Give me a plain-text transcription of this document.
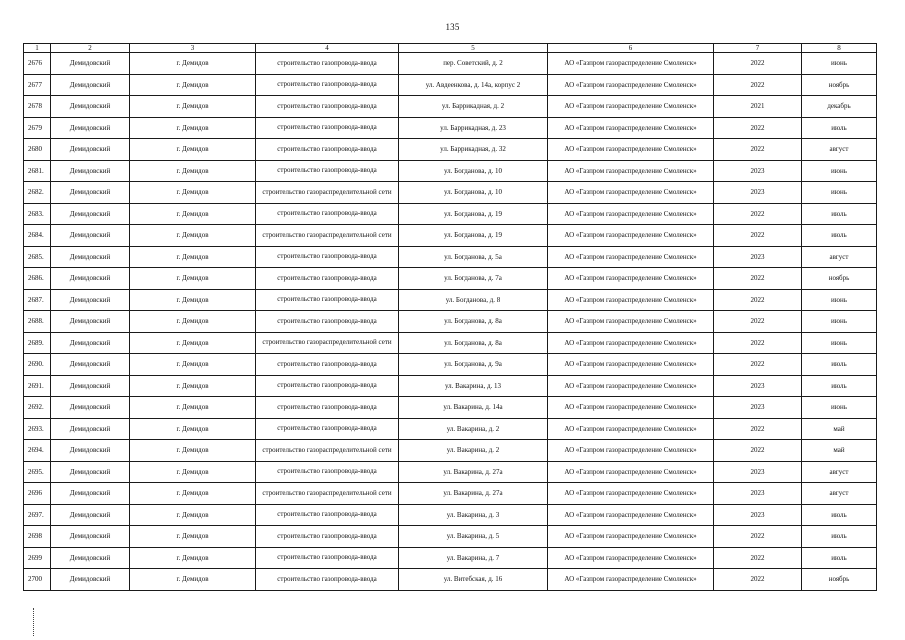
135
1	2	3	4	5	6	7	8
2676	Демидовский	г. Демидов	строительство газопровода-ввода	пер. Советский, д. 2	АО «Газпром газораспределение Смоленск»	2022	июнь
2677	Демидовский	г. Демидов	строительство газопровода-ввода	ул. Авдеенкова, д. 14а, корпус 2	АО «Газпром газораспределение Смоленск»	2022	ноябрь
2678	Демидовский	г. Демидов	строительство газопровода-ввода	ул. Баррикадная, д. 2	АО «Газпром газораспределение Смоленск»	2021	декабрь
2679	Демидовский	г. Демидов	строительство газопровода-ввода	ул. Баррикадная, д. 23	АО «Газпром газораспределение Смоленск»	2022	июль
2680	Демидовский	г. Демидов	строительство газопровода-ввода	ул. Баррикадная, д. 32	АО «Газпром газораспределение Смоленск»	2022	август
2681.	Демидовский	г. Демидов	строительство газопровода-ввода	ул. Богданова, д. 10	АО «Газпром газораспределение Смоленск»	2023	июнь
2682.	Демидовский	г. Демидов	строительство газораспределительной сети	ул. Богданова, д. 10	АО «Газпром газораспределение Смоленск»	2023	июнь
2683.	Демидовский	г. Демидов	строительство газопровода-ввода	ул. Богданова, д. 19	АО «Газпром газораспределение Смоленск»	2022	июль
2684.	Демидовский	г. Демидов	строительство газораспределительной сети	ул. Богданова, д. 19	АО «Газпром газораспределение Смоленск»	2022	июль
2685.	Демидовский	г. Демидов	строительство газопровода-ввода	ул. Богданова, д. 5а	АО «Газпром газораспределение Смоленск»	2023	август
2686.	Демидовский	г. Демидов	строительство газопровода-ввода	ул. Богданова, д. 7а	АО «Газпром газораспределение Смоленск»	2022	ноябрь
2687.	Демидовский	г. Демидов	строительство газопровода-ввода	ул. Богданова, д. 8	АО «Газпром газораспределение Смоленск»	2022	июнь
2688.	Демидовский	г. Демидов	строительство газопровода-ввода	ул. Богданова, д. 8а	АО «Газпром газораспределение Смоленск»	2022	июнь
2689.	Демидовский	г. Демидов	строительство газораспределительной сети	ул. Богданова, д. 8а	АО «Газпром газораспределение Смоленск»	2022	июнь
2690.	Демидовский	г. Демидов	строительство газопровода-ввода	ул. Богданова, д. 9а	АО «Газпром газораспределение Смоленск»	2022	июль
2691.	Демидовский	г. Демидов	строительство газопровода-ввода	ул. Вакарина, д. 13	АО «Газпром газораспределение Смоленск»	2023	июль
2692.	Демидовский	г. Демидов	строительство газопровода-ввода	ул. Вакарина, д. 14а	АО «Газпром газораспределение Смоленск»	2023	июнь
2693.	Демидовский	г. Демидов	строительство газопровода-ввода	ул. Вакарина, д. 2	АО «Газпром газораспределение Смоленск»	2022	май
2694.	Демидовский	г. Демидов	строительство газораспределительной сети	ул. Вакарина, д. 2	АО «Газпром газораспределение Смоленск»	2022	май
2695.	Демидовский	г. Демидов	строительство газопровода-ввода	ул. Вакарина, д. 27а	АО «Газпром газораспределение Смоленск»	2023	август
2696	Демидовский	г. Демидов	строительство газораспределительной сети	ул. Вакарина, д. 27а	АО «Газпром газораспределение Смоленск»	2023	август
2697.	Демидовский	г. Демидов	строительство газопровода-ввода	ул. Вакарина, д. 3	АО «Газпром газораспределение Смоленск»	2023	июль
2698	Демидовский	г. Демидов	строительство газопровода-ввода	ул. Вакарина, д. 5	АО «Газпром газораспределение Смоленск»	2022	июль
2699	Демидовский	г. Демидов	строительство газопровода-ввода	ул. Вакарина, д. 7	АО «Газпром газораспределение Смоленск»	2022	июль
2700	Демидовский	г. Демидов	строительство газопровода-ввода	ул. Витебская, д. 16	АО «Газпром газораспределение Смоленск»	2022	ноябрь
